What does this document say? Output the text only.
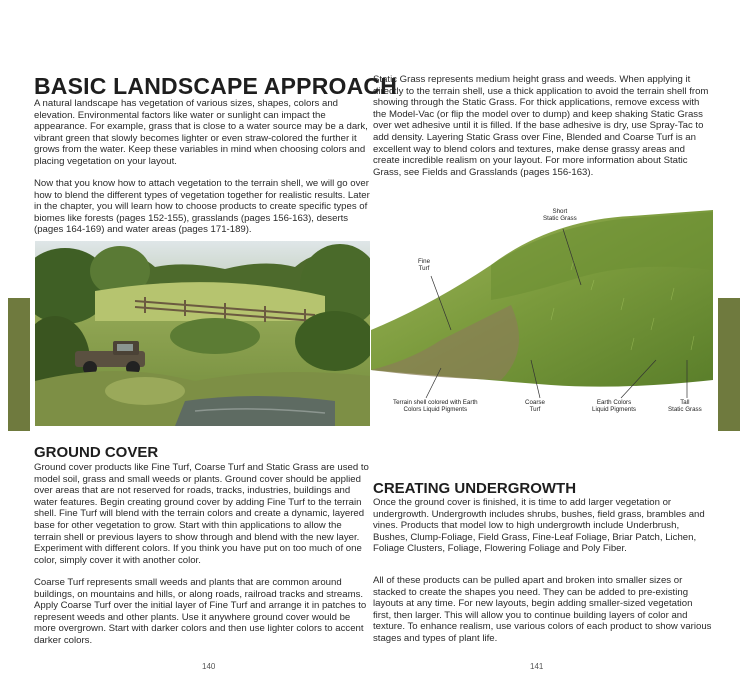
BASIC LANDSCAPE APPROACH

A natural landscape has vegetation of various sizes, shapes, colors and elevation. Environmental factors like water or sunlight can impact the appearance. For example, grass that is close to a water source may be a dark, vibrant green that slowly becomes lighter or even straw-colored the further it grows from the water. Keep these variables in mind when choosing colors and placing vegetation on your layout.

Now that you know how to attach vegetation to the terrain shell, we will go over how to blend the different types of vegetation together for realistic results. Later in the chapter, you will learn how to choose products to create specific types of biomes like forests (pages 152-155), grasslands (pages 156-163), deserts (pages 164-169) and water areas (pages 171-189).

GROUND COVER

Ground cover products like Fine Turf, Coarse Turf and Static Grass are used to model soil, grass and small weeds or plants. Ground cover should be applied over areas that are not reserved for roads, tracks, industries, buildings and water features. Begin creating ground cover by adding Fine Turf to the terrain shell. Fine Turf will blend with the terrain colors and create a dynamic, layered base for other vegetation to grow. Start with thin applications to allow the terrain shell or previous layers to show through and blend with the new layer. Experiment with different colors. If you think you have put on too much of one color, simply cover it with another color.

Coarse Turf represents small weeds and plants that are common around buildings, on mountains and hills, or along roads, railroad tracks and streams. Apply Coarse Turf over the initial layer of Fine Turf and arrange it in patches to represent weeds and other plants. Use it anywhere ground cover would be more overgrown. Start with darker colors and then use lighter colors to accent darker colors.

140

Static Grass represents medium height grass and weeds. When applying it directly to the terrain shell, use a thick application to avoid the terrain shell from showing through the Static Grass. For thick applications, remove excess with the Model-Vac (or flip the model over to dump) and keep shaking Static Grass over wet adhesive until it is filled. If the base adhesive is dry, use Spray-Tac to add density. Layering Static Grass over Fine, Blended and Coarse Turf is an excellent way to blend colors and textures, make dense grassy areas and create incredible realism on your layout. For more information about Static Grass, see Fields and Grasslands (pages 156-163).

Short
Static Grass
Fine
Turf
Terrain shell colored with Earth
Colors Liquid Pigments
Coarse
Turf
Earth Colors
Liquid Pigments
Tall
Static Grass
CREATING UNDERGROWTH

Once the ground cover is finished, it is time to add larger vegetation or undergrowth. Undergrowth includes shrubs, bushes, field grass, brambles and vines. Products that model low to high undergrowth include Underbrush, Bushes, Clump-Foliage, Field Grass, Fine-Leaf Foliage, Briar Patch, Lichen, Foliage Clusters, Foliage, Flowering Foliage and Poly Fiber.

All of these products can be pulled apart and broken into smaller sizes or stacked to create the shapes you need. They can be added to pre-existing layouts at any time. For new layouts, begin adding smaller-sized vegetation first, then larger. This will allow you to continue building layers of color and texture. To enhance realism, use various colors of each product to show various stages and types of plant life.

141
